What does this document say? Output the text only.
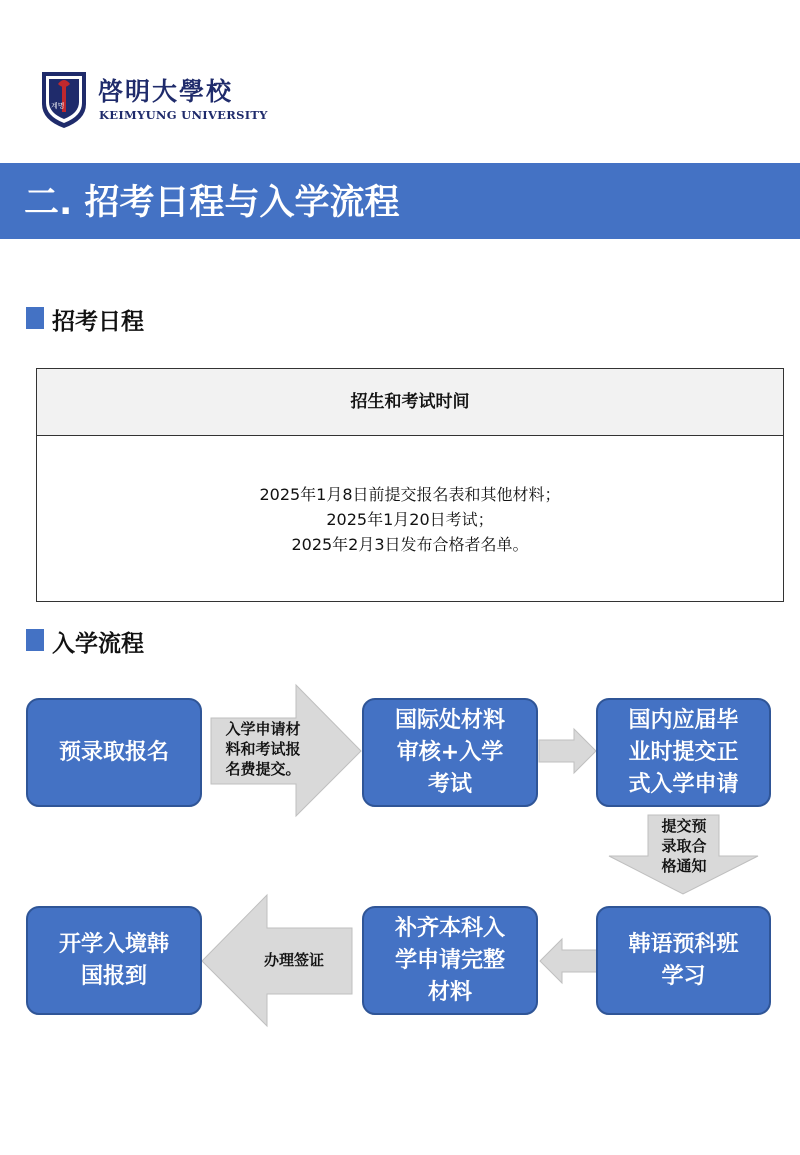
계명 啓明大學校
KEIMYUNG UNIVERSITY
二. 招考日程与入学流程
招考日程
招生和考试时间
2025年1月8日前提交报名表和其他材料；
2025年1月20日考试；
2025年2月3日发布合格者名单。
入学流程
入学申请材
料和考试报
名费提交。
提交预
录取合
格通知
办理签证
预录取报名
国际处材料
审核+入学
考试
国内应届毕
业时提交正
式入学申请
开学入境韩
国报到
补齐本科入
学申请完整
材料
韩语预科班
学习
